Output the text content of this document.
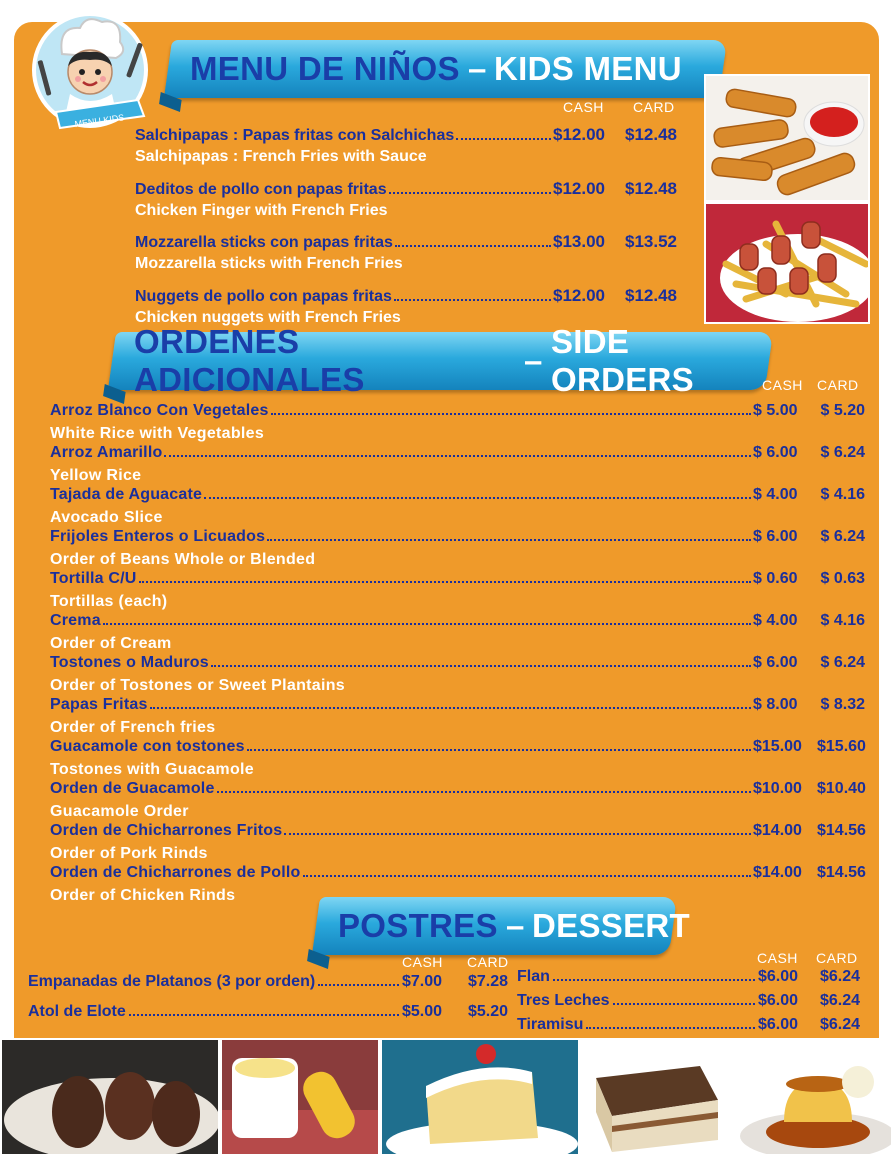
MENU KIDS
MENU DE NIÑOS – KIDS MENU
CASH CARD
Salchipapas : Papas fritas con Salchichas	$12.00	$12.48
Salchipapas : French Fries with Sauce
Deditos de pollo con papas fritas	$12.00	$12.48
Chicken Finger with French Fries
Mozzarella sticks con papas fritas	$13.00	$13.52
Mozzarella sticks with French Fries
Nuggets de pollo con papas fritas	$12.00	$12.48
Chicken nuggets with French Fries
ORDENES ADICIONALES
–
SIDE ORDERS	CASH CARD
Arroz Blanco Con Vegetales	$ 5.00	$ 5.20
White Rice with Vegetables
Arroz Amarillo	$ 6.00	$ 6.24
Yellow Rice
Tajada de Aguacate	$ 4.00	$ 4.16
Avocado Slice
Frijoles Enteros o Licuados	$ 6.00	$ 6.24
Order of Beans Whole or Blended
Tortilla C/U	$ 0.60	$ 0.63
Tortillas (each)
Crema	$ 4.00	$ 4.16
Order of Cream
Tostones o Maduros	$ 6.00	$ 6.24
Order of Tostones or Sweet Plantains
Papas Fritas	$ 8.00	$ 8.32
Order of French fries
Guacamole con tostones	$15.00 $15.60
Tostones with Guacamole
Orden de Guacamole	$10.00 $10.40
Guacamole Order
Orden de Chicharrones Fritos	$14.00 $14.56
Order of Pork Rinds
Orden de Chicharrones de Pollo	$14.00 $14.56
Order of Chicken Rinds
POSTRES – DESSERT
CASH CARD	CASH CARD
Empanadas de Platanos (3 por orden)	$7.00	$7.28
Atol de Elote	$5.00	$5.20
Flan	$6.00	$6.24
Tres Leches	$6.00	$6.24
Tiramisu	$6.00	$6.24
